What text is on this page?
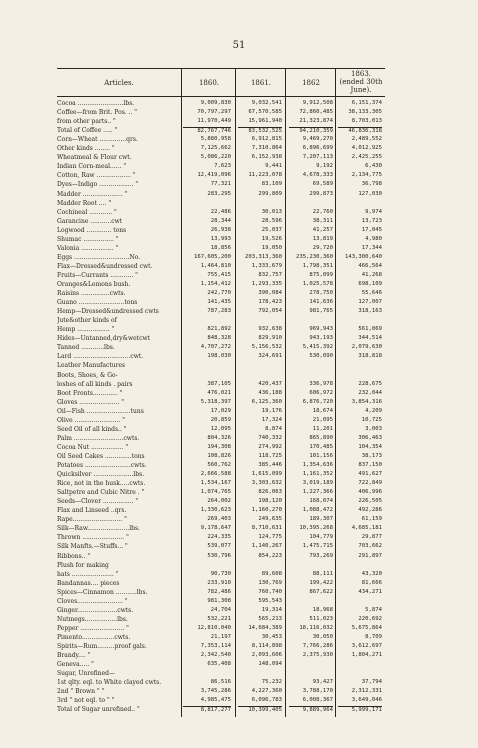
51
Articles.	1860.	1861.	1862
1863. (ended 30th June).
Cocoa ........................lbs.	9,009,830	9,032,541	9,912,508	6,151,374
Coffee—from Brit. Pos. .. "	70,797,297	67,570,585	72,860,485	38,133,305
from other parts.. "	11,970,449	15,961,940	21,323,874	8,703,013
Total of Coffee ..... "	82,767,746	83,532,525	94,210,359	46,836,318
Corn—Wheat ..............qrs.	5,880,958	6,912,815	9,469,270	2,489,552
Other kinds ........ "	7,125,662	7,310,864	6,896,699	4,012,925
Wheatmeal & Flour cwt.	5,086,220	6,152,938	7,207,113	2,425,255
Indian Corn-meal...... "	7,623	9,441	9,192	6,430
Cotton, Raw .................. "	12,419,096	11,223,078	4,678,333	2,134,775
Dyes—Indigo .................. "	77,321	83,109	69,589	36,798
Madder ..................... "	283,295	299,809	299,873	127,030
Madder Root .... "
Cochineal ............ "	22,486	30,013	22,760	9,974
Garancine ...........cwt	28,344	28,596	38,311	13,723
Logwood ............. tons	26,938	25,037	41,257	17,045
Shumac ................ "	13,993	19,526	13,819	4,980
Valonia ................. "	18,856	19,050	29,720	17,344
Eggs .............................No.	167,605,200	203,313,360	235,230,360	143,300,640
Flax—Dressed&undressed cwt.	1,464,810	1,333,679	1,798,351	466,564
Fruits—Currants ............ "	755,415	832,757	875,099	41,268
Oranges&Lemons bush.	1,154,412	1,293,335	1,025,578	698,109
Raisins ...............cwts.	242,770	390,084	278,750	55,646
Guano ........................tons	141,435	178,423	141,636	127,007
Hemp—Dressed&undressed cwts	787,283	792,054	981,765	318,163
Jute&other kinds of
Hemp ................. "	821,892	932,638	969,943	561,069
Hides—Untanned,dry&wetcwt	848,328	829,910	943,193	344,514
Tanned ............lbs.	4,707,272	5,156,532	5,415,392	2,079,630
Lard ..............................cwt.	198,030	324,691	530,090	318,818
Leather Manufactures
Boots, Shoes, & Go-
loshes of all kinds . pairs	387,105	420,437	336,978	228,675
Boot Fronts............. "	476,021	436,188	606,972	232,044
Gloves ..................... "	5,318,397	6,125,360	6,876,720	3,854,316
Oil—Fish .......................tuns	17,029	19,176	18,674	4,209
Olive ........................ "	20,859	17,324	21,095	10,725
Seed Oil of all kinds.. "	12,095	8,874	11,201	3,003
Palm ..........................cwts.	804,326	740,332	865,890	306,463
Cocoa Nut ................. "	194,308	274,992	170,485	104,354
Oil Seed Cakes ..............tons	108,826	118,725	101,156	38,173
Potatoes ........................cwts.	560,762	385,446	1,354,636	837,150
Quicksilver .....................lbs.	2,666,588	1,615,099	1,161,352	491,627
Rice, not in the husk.....cwts.	1,534,167	3,303,632	3,019,189	722,849
Saltpetre and Cubic Nitre . "	1,074,765	826,063	1,227,366	406,996
Seeds—Clover ................ "	264,002	198,120	168,074	226,505
Flax and Linseed ..qrs.	1,330,623	1,160,270	1,088,472	492,286
Rape.......................... "	269,403	249,635	189,307	61,159
Silk—Raw......................lbs.	9,178,647	8,710,631	10,395,268	4,685,181
Thrown ...................... "	224,335	124,775	104,779	29,877
Silk Manfts.—Stuffs... "	539,077	1,140,267	1,475,715	703,662
Ribbons.. "	530,796	854,223	793,269	291,897
Plush for making
hats ...................... "	90,730	89,608	88,111	43,320
Bandannas.... pieces	233,910	130,769	199,422	81,666
Spices—Cinnamon ...........lbs.	782,486	760,740	867,622	434,271
Cloves........................ "	981,308	595,543
Ginger.....................cwts.	24,704	19,314	18,968	5,874
Nutmegs.................lbs.	532,221	565,213	511,023	220,692
Pepper ....................... "	12,810,040	14,684,389	18,116,032	5,675,864
Pimento.................cwts.	21,197	30,453	30,050	8,709
Spirits—Rum.........proof gals.	7,353,114	8,114,898	7,766,286	3,612,697
Brandy.... "	2,342,540	2,093,606	2,375,930	1,804,271
Geneva..... "	635,408	148,094
Sugar, Unrefined—
1st qlty. eql. to White clayed cwts.	86,516	75,232	93,427	37,794
2nd " Brown " "	3,745,286	4,227,360	3,788,170	2,312,331
3rd " not eql. to " "	4,985,475	6,096,783	6,008,367	3,649,046
Total of Sugar unrefined.. "	8,817,277	10,399,405	9,889,964	5,999,171
